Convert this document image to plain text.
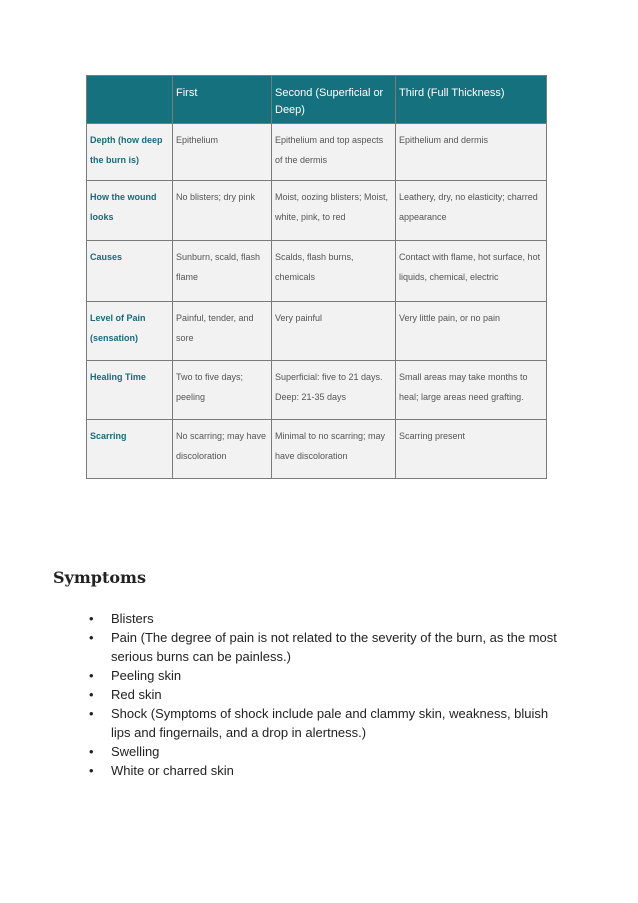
	First	Second (Superficial or Deep)	Third (Full Thickness)
Depth (how deep the burn is)	Epithelium	Epithelium and top aspects of the dermis	Epithelium and dermis
How the wound looks	No blisters; dry pink	Moist, oozing blisters; Moist, white, pink, to red	Leathery, dry, no elasticity; charred appearance
Causes	Sunburn, scald, flash flame	Scalds, flash burns, chemicals	Contact with flame, hot surface, hot liquids, chemical, electric
Level of Pain (sensation)	Painful, tender, and sore	Very painful	Very little pain, or no pain
Healing Time	Two to five days; peeling	Superficial: five to 21 days. Deep: 21-35 days	Small areas may take months to heal; large areas need grafting.
Scarring	No scarring; may have discoloration	Minimal to no scarring; may have discoloration	Scarring present
Symptoms
• Blisters
• Pain (The degree of pain is not related to the severity of the burn, as the most serious burns can be painless.)
• Peeling skin
• Red skin
• Shock (Symptoms of shock include pale and clammy skin, weakness, bluish lips and fingernails, and a drop in alertness.)
• Swelling
• White or charred skin
